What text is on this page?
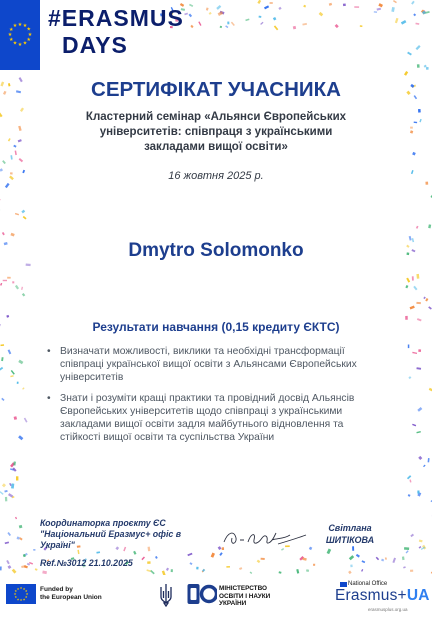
★
★
★
★
★
★
★
★
★ ★ ★
★ #ERASMUS
DAYS
СЕРТИФІКАТ УЧАСНИКА
Кластерний семінар «Альянси Європейських університетів: співпраця з українськими закладами вищої освіти»
16 жовтня 2025 р.
Dmytro Solomonko
Результати навчання (0,15 кредиту ЄКТС)
• Визначати можливості, виклики та необхідні трансформації співпраці української вищої освіти з Альянсами Європейських університетів
• Знати і розуміти кращі практики та провідний досвід Альянсів Європейських університетів щодо співпраці з українськими закладами вищої освіти задля майбутнього відновлення та стійкості вищої освіти та суспільства України
Координаторка проєкту ЄС "Національний Еразмус+ офіс в Україні"
Ref.№3012 21.10.2025
Світлана
ШИТІКОВА
★
★
★
★
★
★
★
★
★ ★ ★
★ Funded by
the European Union
МІНІСТЕРСТВО
ОСВІТИ І НАУКИ
УКРАЇНИ
National Office
Erasmus+UA
erasmusplus.org.ua
